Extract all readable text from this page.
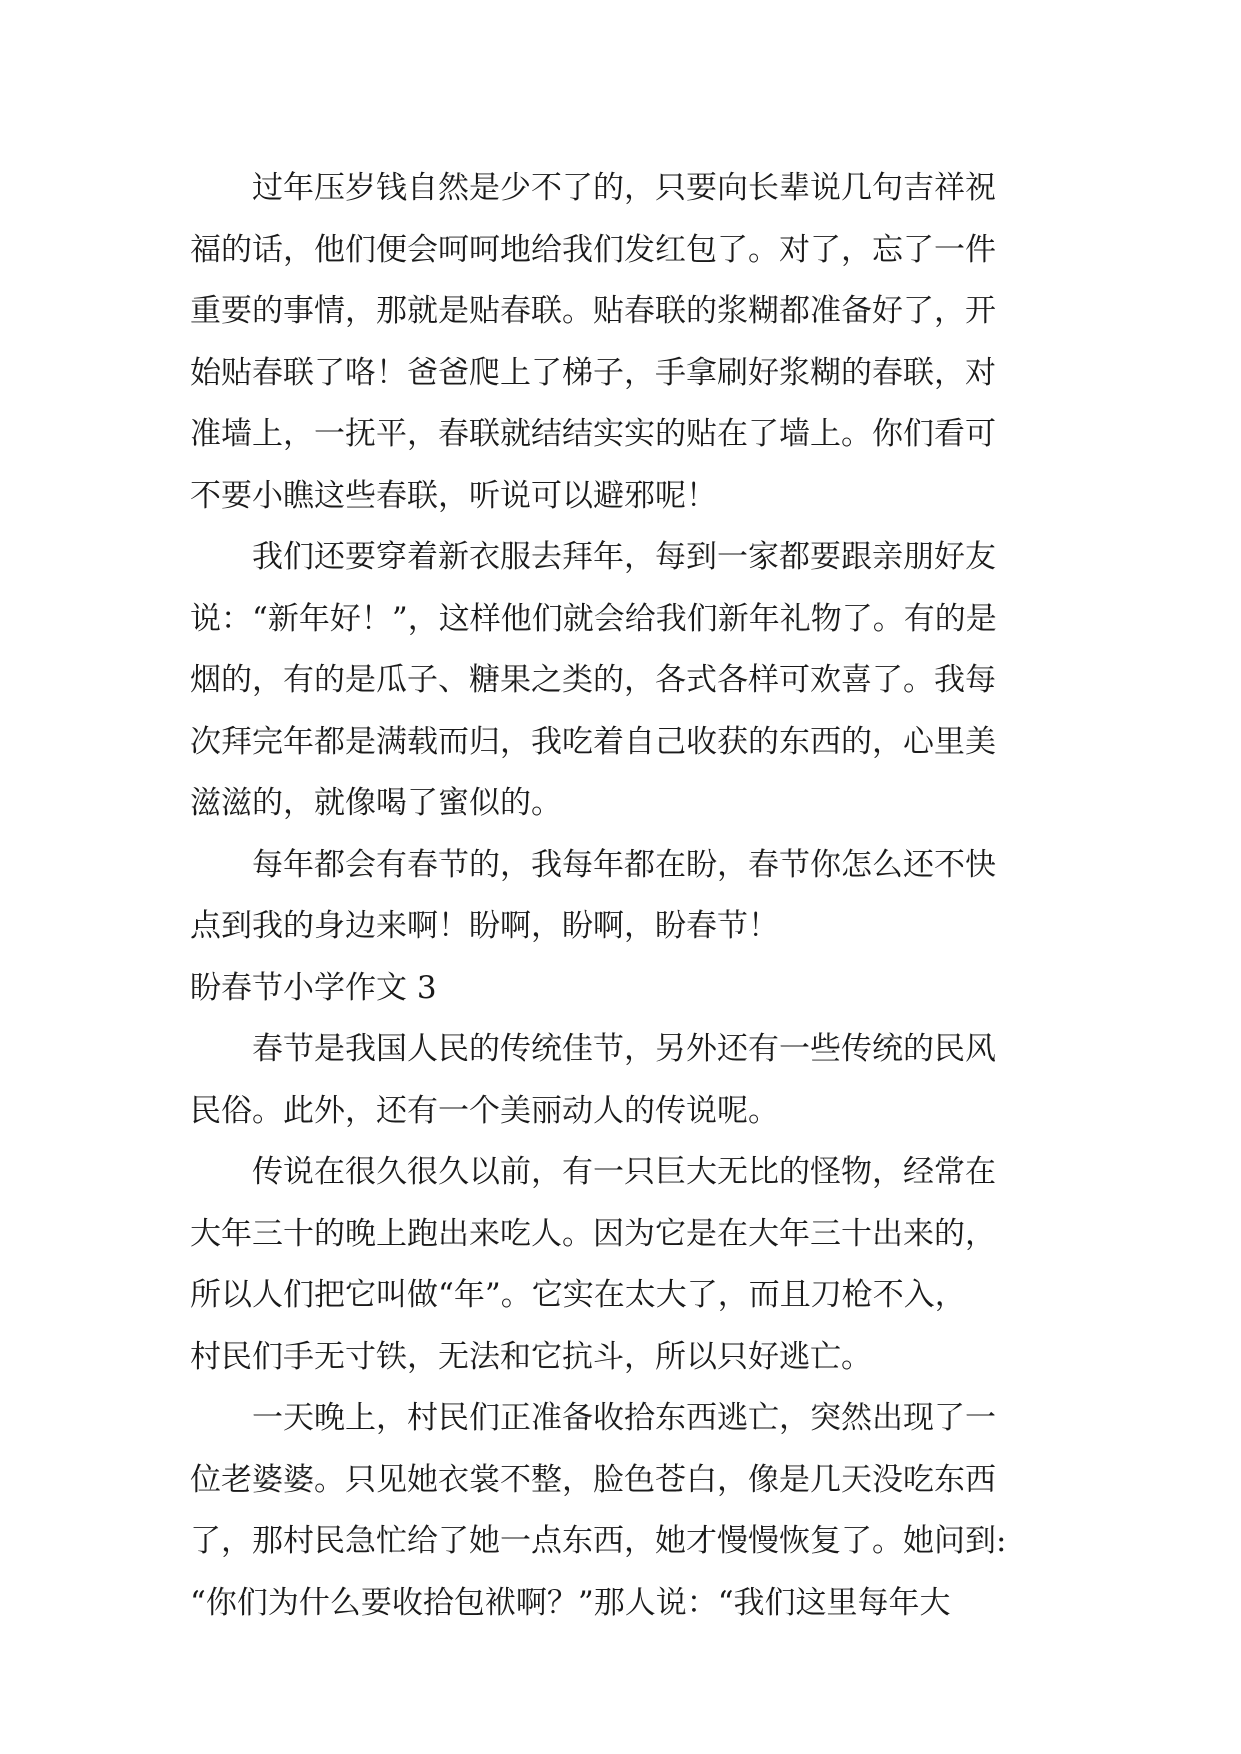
过年压岁钱自然是少不了的，只要向长辈说几句吉祥祝
福的话，他们便会呵呵地给我们发红包了。对了，忘了一件
重要的事情，那就是贴春联。贴春联的浆糊都准备好了，开
始贴春联了咯！爸爸爬上了梯子，手拿刷好浆糊的春联，对
准墙上，一抚平，春联就结结实实的贴在了墙上。你们看可
不要小瞧这些春联，听说可以避邪呢！
我们还要穿着新衣服去拜年，每到一家都要跟亲朋好友
说：“新年好！”，这样他们就会给我们新年礼物了。有的是
烟的，有的是瓜子、糖果之类的，各式各样可欢喜了。我每
次拜完年都是满载而归，我吃着自己收获的东西的，心里美
滋滋的，就像喝了蜜似的。
每年都会有春节的，我每年都在盼，春节你怎么还不快
点到我的身边来啊！盼啊，盼啊，盼春节！
盼春节小学作文 3
春节是我国人民的传统佳节，另外还有一些传统的民风
民俗。此外，还有一个美丽动人的传说呢。
传说在很久很久以前，有一只巨大无比的怪物，经常在
大年三十的晚上跑出来吃人。因为它是在大年三十出来的，
所以人们把它叫做“年”。它实在太大了，而且刀枪不入，
村民们手无寸铁，无法和它抗斗，所以只好逃亡。
一天晚上，村民们正准备收拾东西逃亡，突然出现了一
位老婆婆。只见她衣裳不整，脸色苍白，像是几天没吃东西
了，那村民急忙给了她一点东西，她才慢慢恢复了。她问到:
“你们为什么要收拾包袱啊？”那人说：“我们这里每年大
